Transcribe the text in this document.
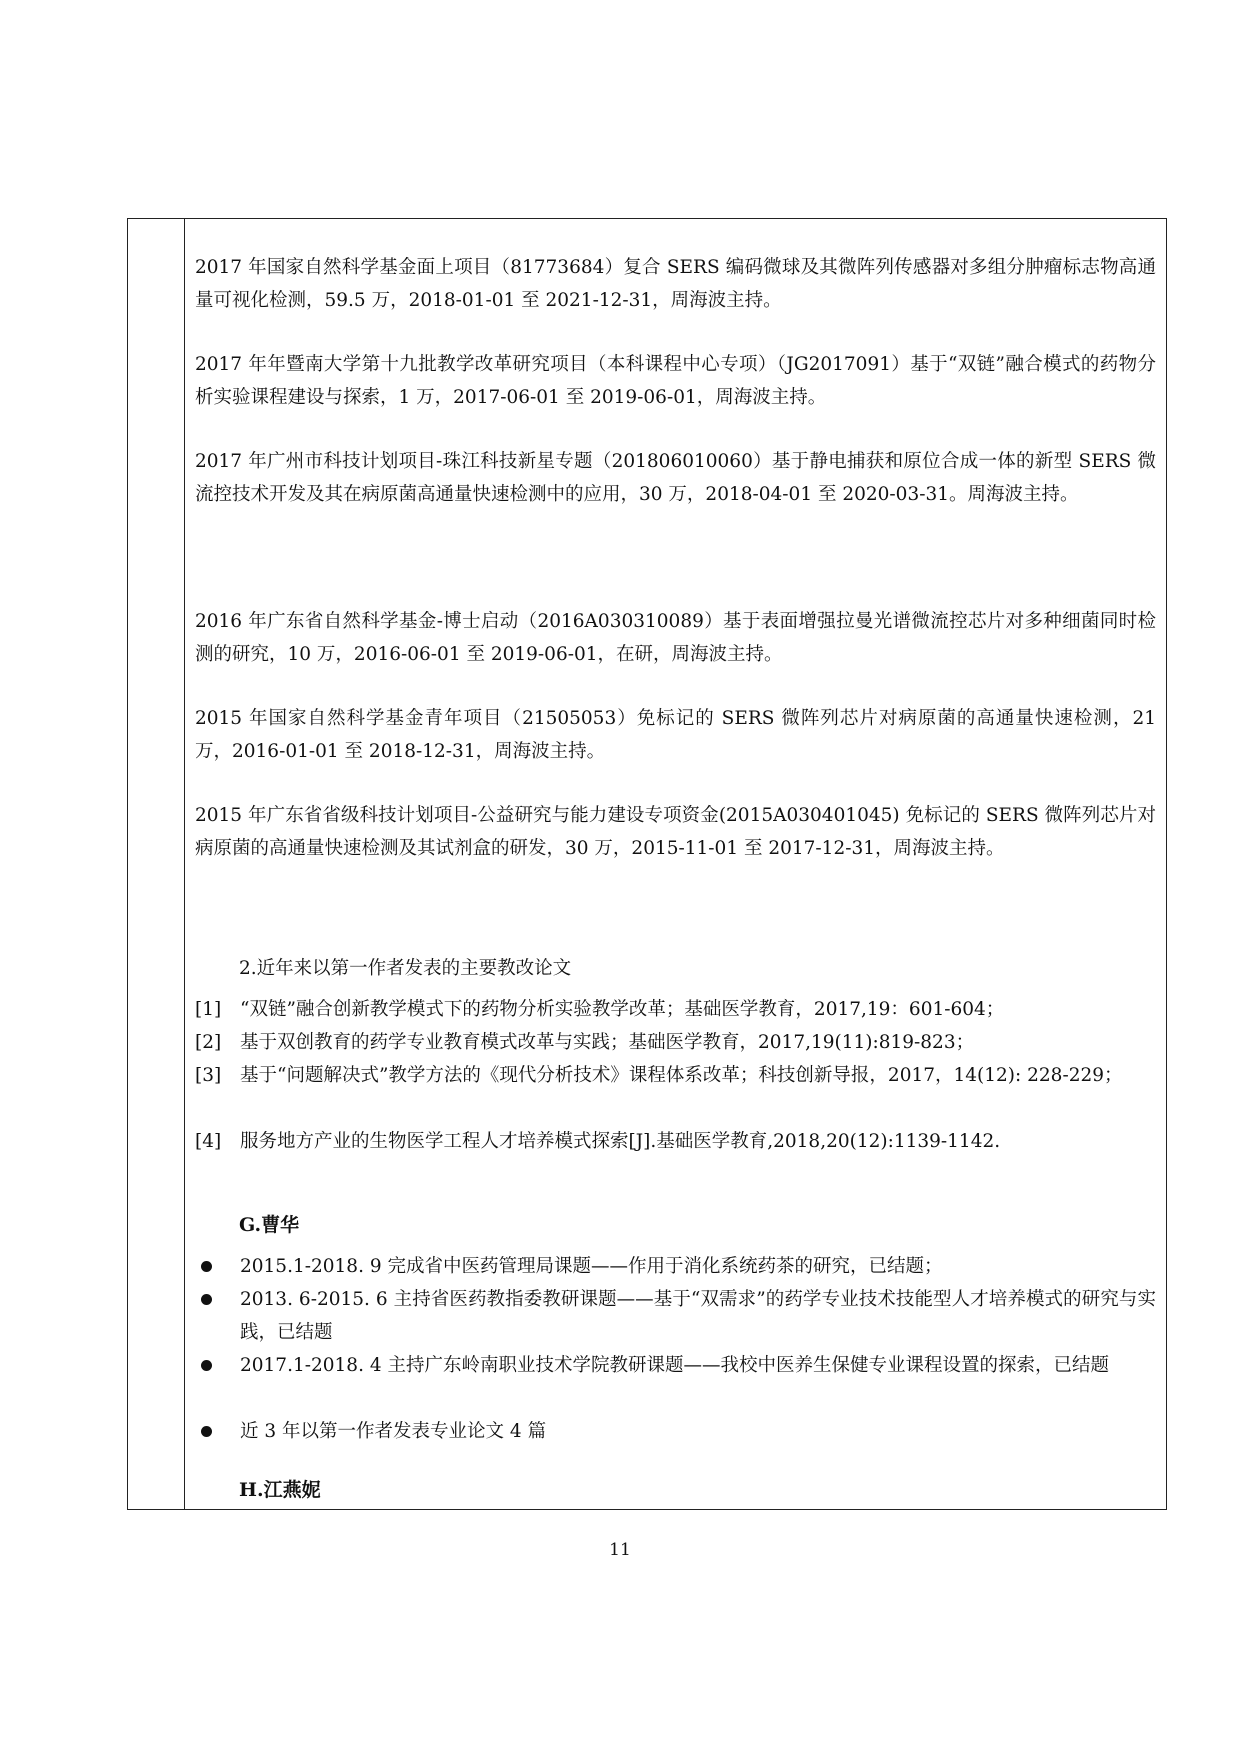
2017 年国家自然科学基金面上项目（81773684）复合 SERS 编码微球及其微阵列传感器对多组分肿瘤标志物高通量可视化检测，59.5 万，2018-01-01 至 2021-12-31，周海波主持。
2017 年年暨南大学第十九批教学改革研究项目（本科课程中心专项）（JG2017091）基于“双链”融合模式的药物分析实验课程建设与探索，1 万，2017-06-01 至 2019-06-01，周海波主持。
2017 年广州市科技计划项目-珠江科技新星专题（201806010060）基于静电捕获和原位合成一体的新型 SERS 微流控技术开发及其在病原菌高通量快速检测中的应用，30 万，2018-04-01 至 2020-03-31。周海波主持。
2016 年广东省自然科学基金-博士启动（2016A030310089）基于表面增强拉曼光谱微流控芯片对多种细菌同时检测的研究，10 万，2016-06-01 至 2019-06-01，在研，周海波主持。
2015 年国家自然科学基金青年项目（21505053）免标记的 SERS 微阵列芯片对病原菌的高通量快速检测，21 万，2016-01-01 至 2018-12-31，周海波主持。
2015 年广东省省级科技计划项目-公益研究与能力建设专项资金(2015A030401045) 免标记的 SERS 微阵列芯片对病原菌的高通量快速检测及其试剂盒的研发，30 万，2015-11-01 至 2017-12-31，周海波主持。
2.近年来以第一作者发表的主要教改论文
[1] “双链”融合创新教学模式下的药物分析实验教学改革；基础医学教育，2017,19：601-604；
[2] 基于双创教育的药学专业教育模式改革与实践；基础医学教育，2017,19(11):819-823；
[3] 基于“问题解决式”教学方法的《现代分析技术》课程体系改革；科技创新导报，2017，14(12): 228-229；
[4] 服务地方产业的生物医学工程人才培养模式探索[J].基础医学教育,2018,20(12):1139-1142.
G.曹华
2015.1-2018. 9 完成省中医药管理局课题——作用于消化系统药茶的研究，已结题；
2013. 6-2015. 6 主持省医药教指委教研课题——基于“双需求”的药学专业技术技能型人才培养模式的研究与实践，已结题
2017.1-2018. 4 主持广东岭南职业技术学院教研课题——我校中医养生保健专业课程设置的探索，已结题
近 3 年以第一作者发表专业论文 4 篇
H.江燕妮
11
